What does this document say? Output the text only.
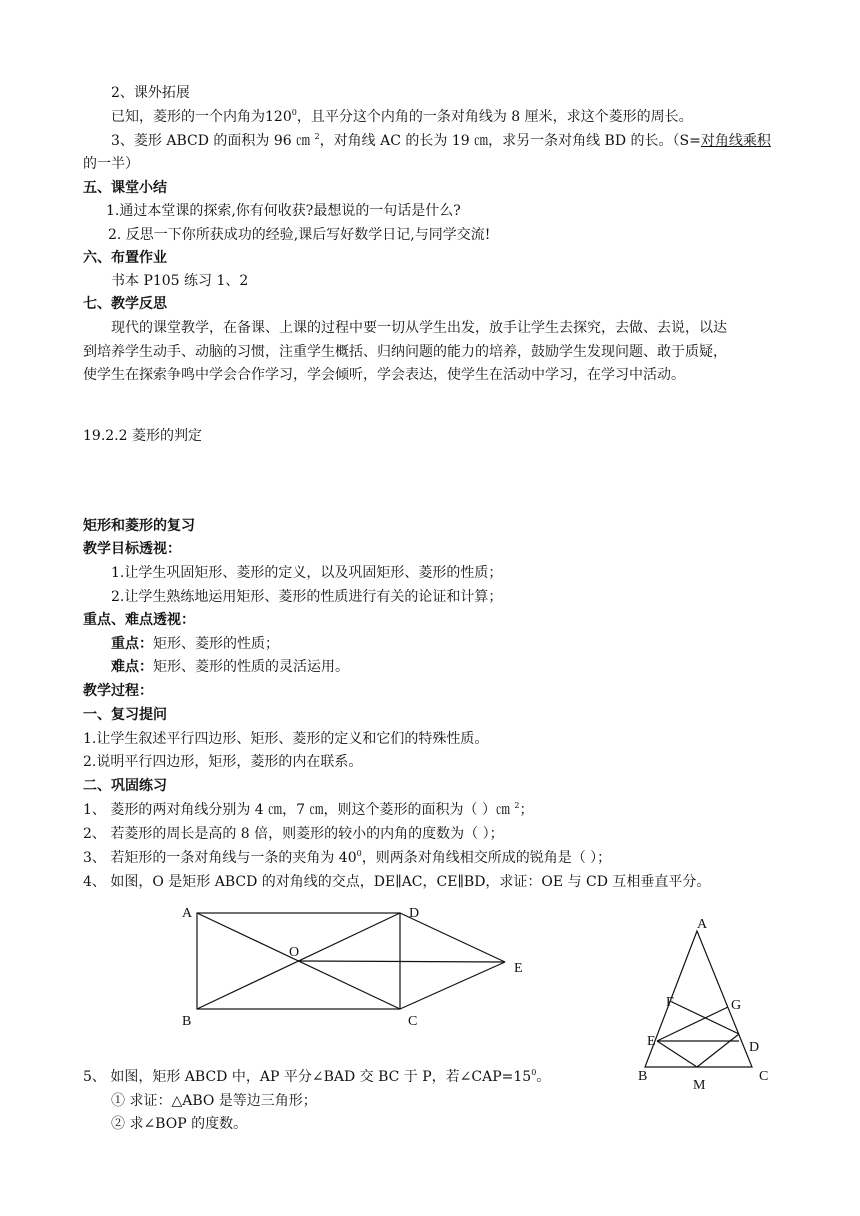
2、课外拓展
已知，菱形的一个内角为$120^0$，且平分这个内角的一条对角线为 8 厘米，求这个菱形的周长。
3、菱形 ABCD 的面积为 96 ㎝ $^2$，对角线 AC 的长为 19 ㎝，求另一条对角线 BD 的长。（S=对角线乘积
的一半）
五、课堂小结
1.通过本堂课的探索,你有何收获?最想说的一句话是什么?
2. 反思一下你所获成功的经验,课后写好数学日记,与同学交流!
六、布置作业
书本 P105 练习 1、2
七、教学反思
现代的课堂教学，在备课、上课的过程中要一切从学生出发，放手让学生去探究，去做、去说，以达
到培养学生动手、动脑的习惯，注重学生概括、归纳问题的能力的培养，鼓励学生发现问题、敢于质疑，
使学生在探索争鸣中学会合作学习，学会倾听，学会表达，使学生在活动中学习，在学习中活动。
19.2.2 菱形的判定
矩形和菱形的复习
教学目标透视：
1.让学生巩固矩形、菱形的定义，以及巩固矩形、菱形的性质；
2.让学生熟练地运用矩形、菱形的性质进行有关的论证和计算；
重点、难点透视：
重点：矩形、菱形的性质；
难点：矩形、菱形的性质的灵活运用。
教学过程：
一、复习提问
1.让学生叙述平行四边形、矩形、菱形的定义和它们的特殊性质。
2.说明平行四边形，矩形，菱形的内在联系。
二、巩固练习
1、 菱形的两对角线分别为 4 ㎝，7 ㎝，则这个菱形的面积为（ ）㎝ $^2$；
2、 若菱形的周长是高的 8 倍，则菱形的较小的内角的度数为（ ）；
3、 若矩形的一条对角线与一条的夹角为 $40^0$，则两条对角线相交所成的锐角是（ ）；
4、 如图，O 是矩形 ABCD 的对角线的交点，DE∥AC，CE∥BD，求证：OE 与 CD 互相垂直平分。
A
B	C
D
O
E
A
F	G
E	D
B
M
C
5、 如图，矩形 ABCD 中，AP 平分∠BAD 交 BC 于 P，若$\angle CAP=15^0$。
① 求证：△ABO 是等边三角形；
② 求∠BOP 的度数。
